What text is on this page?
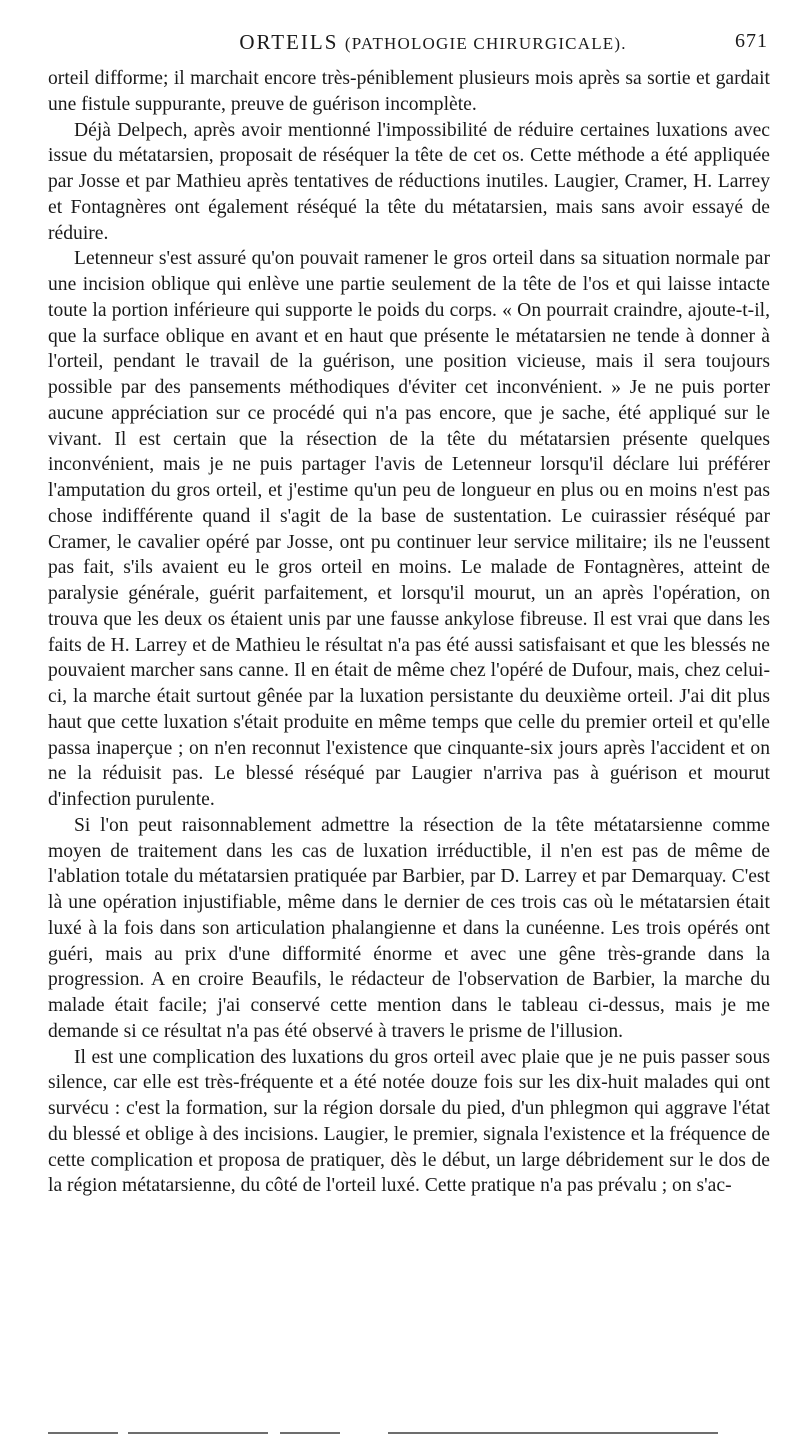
ORTEILS (PATHOLOGIE CHIRURGICALE).	671

orteil difforme; il marchait encore très-péniblement plusieurs mois après sa sortie et gardait une fistule suppurante, preuve de guérison incomplète.

Déjà Delpech, après avoir mentionné l'impossibilité de réduire certaines luxations avec issue du métatarsien, proposait de réséquer la tête de cet os. Cette méthode a été appliquée par Josse et par Mathieu après tentatives de réductions inutiles. Laugier, Cramer, H. Larrey et Fontagnères ont également réséqué la tête du métatarsien, mais sans avoir essayé de réduire.

Letenneur s'est assuré qu'on pouvait ramener le gros orteil dans sa situation normale par une incision oblique qui enlève une partie seulement de la tête de l'os et qui laisse intacte toute la portion inférieure qui supporte le poids du corps. « On pourrait craindre, ajoute-t-il, que la surface oblique en avant et en haut que présente le métatarsien ne tende à donner à l'orteil, pendant le travail de la guérison, une position vicieuse, mais il sera toujours possible par des pansements méthodiques d'éviter cet inconvénient. » Je ne puis porter aucune appréciation sur ce procédé qui n'a pas encore, que je sache, été appliqué sur le vivant. Il est certain que la résection de la tête du métatarsien présente quelques inconvénient, mais je ne puis partager l'avis de Letenneur lorsqu'il déclare lui préférer l'amputation du gros orteil, et j'estime qu'un peu de longueur en plus ou en moins n'est pas chose indifférente quand il s'agit de la base de sustentation. Le cuirassier réséqué par Cramer, le cavalier opéré par Josse, ont pu continuer leur service militaire; ils ne l'eussent pas fait, s'ils avaient eu le gros orteil en moins. Le malade de Fontagnères, atteint de paralysie générale, guérit parfaitement, et lorsqu'il mourut, un an après l'opération, on trouva que les deux os étaient unis par une fausse ankylose fibreuse. Il est vrai que dans les faits de H. Larrey et de Mathieu le résultat n'a pas été aussi satisfaisant et que les blessés ne pouvaient marcher sans canne. Il en était de même chez l'opéré de Dufour, mais, chez celui-ci, la marche était surtout gênée par la luxation persistante du deuxième orteil. J'ai dit plus haut que cette luxation s'était produite en même temps que celle du premier orteil et qu'elle passa inaperçue ; on n'en reconnut l'existence que cinquante-six jours après l'accident et on ne la réduisit pas. Le blessé réséqué par Laugier n'arriva pas à guérison et mourut d'infection purulente.

Si l'on peut raisonnablement admettre la résection de la tête métatarsienne comme moyen de traitement dans les cas de luxation irréductible, il n'en est pas de même de l'ablation totale du métatarsien pratiquée par Barbier, par D. Larrey et par Demarquay. C'est là une opération injustifiable, même dans le dernier de ces trois cas où le métatarsien était luxé à la fois dans son articulation phalangienne et dans la cunéenne. Les trois opérés ont guéri, mais au prix d'une difformité énorme et avec une gêne très-grande dans la progression. A en croire Beaufils, le rédacteur de l'observation de Barbier, la marche du malade était facile; j'ai conservé cette mention dans le tableau ci-dessus, mais je me demande si ce résultat n'a pas été observé à travers le prisme de l'illusion.

Il est une complication des luxations du gros orteil avec plaie que je ne puis passer sous silence, car elle est très-fréquente et a été notée douze fois sur les dix-huit malades qui ont survécu : c'est la formation, sur la région dorsale du pied, d'un phlegmon qui aggrave l'état du blessé et oblige à des incisions. Laugier, le premier, signala l'existence et la fréquence de cette complication et proposa de pratiquer, dès le début, un large débridement sur le dos de la région métatarsienne, du côté de l'orteil luxé. Cette pratique n'a pas prévalu ; on s'ac-
